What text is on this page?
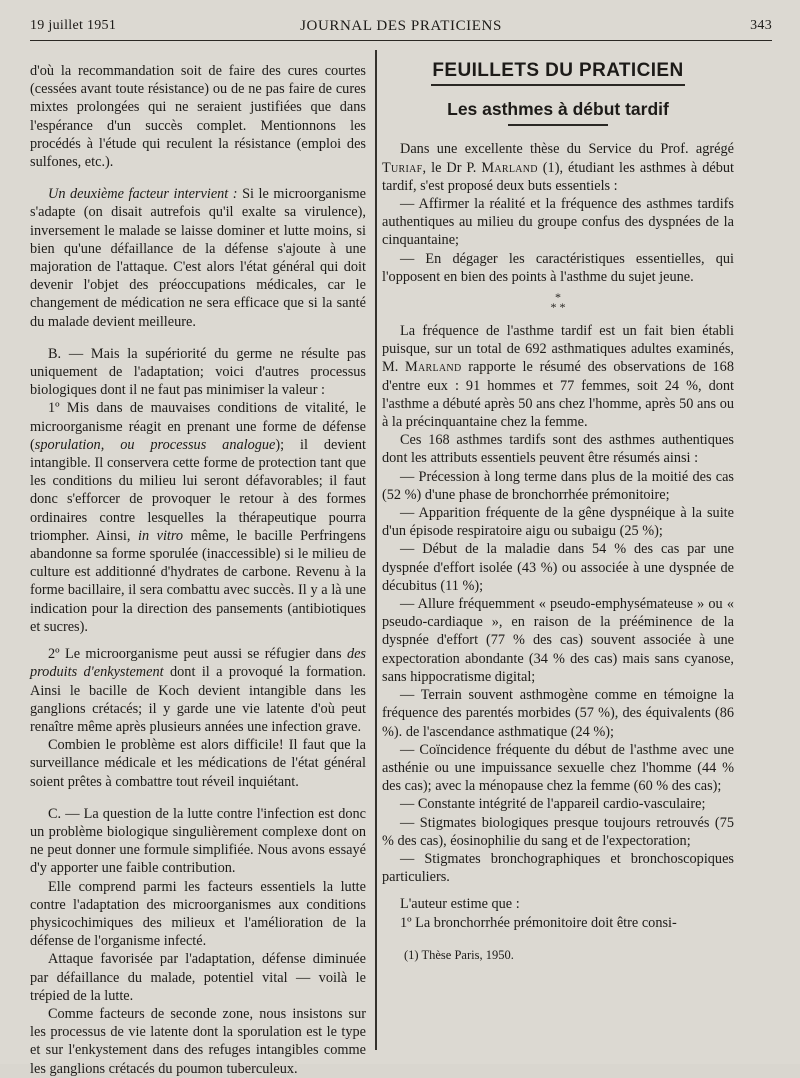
19 juillet 1951	JOURNAL DES PRATICIENS	343

d'où la recommandation soit de faire des cures courtes (cessées avant toute résistance) ou de ne pas faire de cures mixtes prolongées qui ne seraient justifiées que dans l'espérance d'un succès complet. Mentionnons les procédés à l'étude qui reculent la résistance (emploi des sulfones, etc.).

Un deuxième facteur intervient : Si le microorganisme s'adapte (on disait autrefois qu'il exalte sa virulence), inversement le malade se laisse dominer et lutte moins, si bien qu'une défaillance de la défense s'ajoute à une majoration de l'attaque. C'est alors l'état général qui doit devenir l'objet des préoccupations médicales, car le changement de médication ne sera efficace que si la santé du malade devient meilleure.

B. — Mais la supériorité du germe ne résulte pas uniquement de l'adaptation; voici d'autres processus biologiques dont il ne faut pas minimiser la valeur :

1º Mis dans de mauvaises conditions de vitalité, le microorganisme réagit en prenant une forme de défense (sporulation, ou processus analogue); il devient intangible. Il conservera cette forme de protection tant que les conditions du milieu lui seront défavorables; il faut donc s'efforcer de provoquer le retour à des formes ordinaires contre lesquelles la thérapeutique pourra triompher. Ainsi, in vitro même, le bacille Perfringens abandonne sa forme sporulée (inaccessible) si le milieu de culture est additionné d'hydrates de carbone. Revenu à la forme bacillaire, il sera combattu avec succès. Il y a là une indication pour la direction des pansements (antibiotiques et sucres).

2º Le microorganisme peut aussi se réfugier dans des produits d'enkystement dont il a provoqué la formation. Ainsi le bacille de Koch devient intangible dans les ganglions crétacés; il y garde une vie latente d'où peut renaître même après plusieurs années une infection grave.

Combien le problème est alors difficile! Il faut que la surveillance médicale et les médications de l'état général soient prêtes à combattre tout réveil inquiétant.

C. — La question de la lutte contre l'infection est donc un problème biologique singulièrement complexe dont on ne peut donner une formule simplifiée. Nous avons essayé d'y apporter une faible contribution.

Elle comprend parmi les facteurs essentiels la lutte contre l'adaptation des microorganismes aux conditions physicochimiques des milieux et l'amélioration de la défense de l'organisme infecté.

Attaque favorisée par l'adaptation, défense diminuée par défaillance du malade, potentiel vital — voilà le trépied de la lutte.

Comme facteurs de seconde zone, nous insistons sur les processus de vie latente dont la sporulation est le type et sur l'enkystement dans des refuges intangibles comme les ganglions crétacés du poumon tuberculeux.

FEUILLETS DU PRATICIEN
Les asthmes à début tardif

Dans une excellente thèse du Service du Prof. agrégé Turiaf, le Dr P. Marland (1), étudiant les asthmes à début tardif, s'est proposé deux buts essentiels :

— Affirmer la réalité et la fréquence des asthmes tardifs authentiques au milieu du groupe confus des dyspnées de la cinquantaine;

— En dégager les caractéristiques essentielles, qui l'opposent en bien des points à l'asthme du sujet jeune.

*
* *

La fréquence de l'asthme tardif est un fait bien établi puisque, sur un total de 692 asthmatiques adultes examinés, M. Marland rapporte le résumé des observations de 168 d'entre eux : 91 hommes et 77 femmes, soit 24 %, dont l'asthme a débuté après 50 ans chez l'homme, après 50 ans ou à la précinquantaine chez la femme.

Ces 168 asthmes tardifs sont des asthmes authentiques dont les attributs essentiels peuvent être résumés ainsi :

— Précession à long terme dans plus de la moitié des cas (52 %) d'une phase de bronchorrhée prémonitoire;

— Apparition fréquente de la gêne dyspnéique à la suite d'un épisode respiratoire aigu ou subaigu (25 %);

— Début de la maladie dans 54 % des cas par une dyspnée d'effort isolée (43 %) ou associée à une dyspnée de décubitus (11 %);

— Allure fréquemment « pseudo-emphysémateuse » ou « pseudo-cardiaque », en raison de la prééminence de la dyspnée d'effort (77 % des cas) souvent associée à une expectoration abondante (34 % des cas) mais sans cyanose, sans hippocratisme digital;

— Terrain souvent asthmogène comme en témoigne la fréquence des parentés morbides (57 %), des équivalents (86 %). de l'ascendance asthmatique (24 %);

— Coïncidence fréquente du début de l'asthme avec une asthénie ou une impuissance sexuelle chez l'homme (44 % des cas); avec la ménopause chez la femme (60 % des cas);

— Constante intégrité de l'appareil cardio-vasculaire;

— Stigmates biologiques presque toujours retrouvés (75 % des cas), éosinophilie du sang et de l'expectoration;

— Stigmates bronchographiques et bronchoscopiques particuliers.

L'auteur estime que :

1º La bronchorrhée prémonitoire doit être consi-

(1) Thèse Paris, 1950.
